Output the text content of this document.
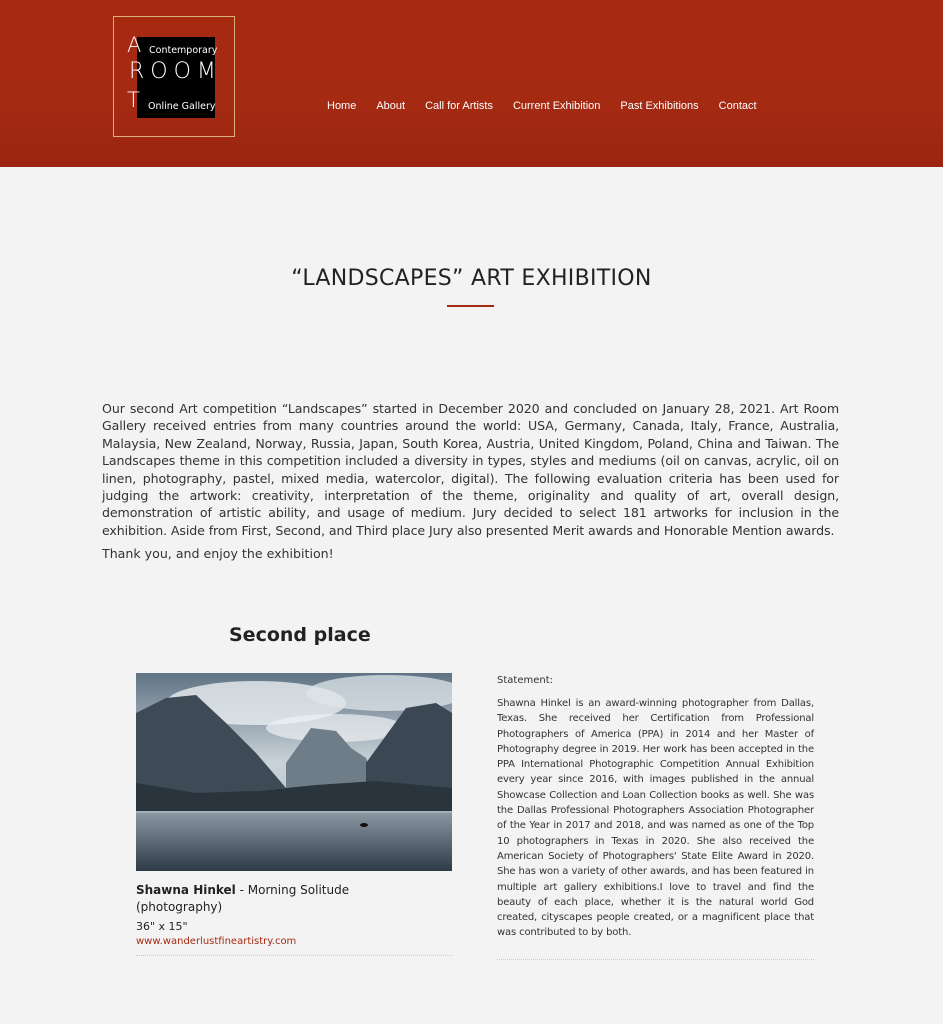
A
ROOM
T
Contemporary
Online Gallery	Home About Call for Artists Current Exhibition Past Exhibitions Contact
“LANDSCAPES” ART EXHIBITION

Our second Art competition “Landscapes” started in December 2020 and concluded on January 28, 2021. Art Room Gallery received entries from many countries around the world: USA, Germany, Canada, Italy, France, Australia, Malaysia, New Zealand, Norway, Russia, Japan, South Korea, Austria, United Kingdom, Poland, China and Taiwan. The Landscapes theme in this competition included a diversity in types, styles and mediums (oil on canvas, acrylic, oil on linen, photography, pastel, mixed media, watercolor, digital). The following evaluation criteria has been used for judging the artwork: creativity, interpretation of the theme, originality and quality of art, overall design, demonstration of artistic ability, and usage of medium. Jury decided to select 181 artworks for inclusion in the exhibition. Aside from First, Second, and Third place Jury also presented Merit awards and Honorable Mention awards.

Thank you, and enjoy the exhibition!

Second place
Shawna Hinkel - Morning Solitude
(photography)
36" x 15"
www.wanderlustfineartistry.com
Statement:

Shawna Hinkel is an award-winning photographer from Dallas, Texas. She received her Certification from Professional Photographers of America (PPA) in 2014 and her Master of Photography degree in 2019. Her work has been accepted in the PPA International Photographic Competition Annual Exhibition every year since 2016, with images published in the annual Showcase Collection and Loan Collection books as well. She was the Dallas Professional Photographers Association Photographer of the Year in 2017 and 2018, and was named as one of the Top 10 photographers in Texas in 2020. She also received the American Society of Photographers' State Elite Award in 2020. She has won a variety of other awards, and has been featured in multiple art gallery exhibitions.I love to travel and find the beauty of each place, whether it is the natural world God created, cityscapes people created, or a magnificent place that was contributed to by both.
